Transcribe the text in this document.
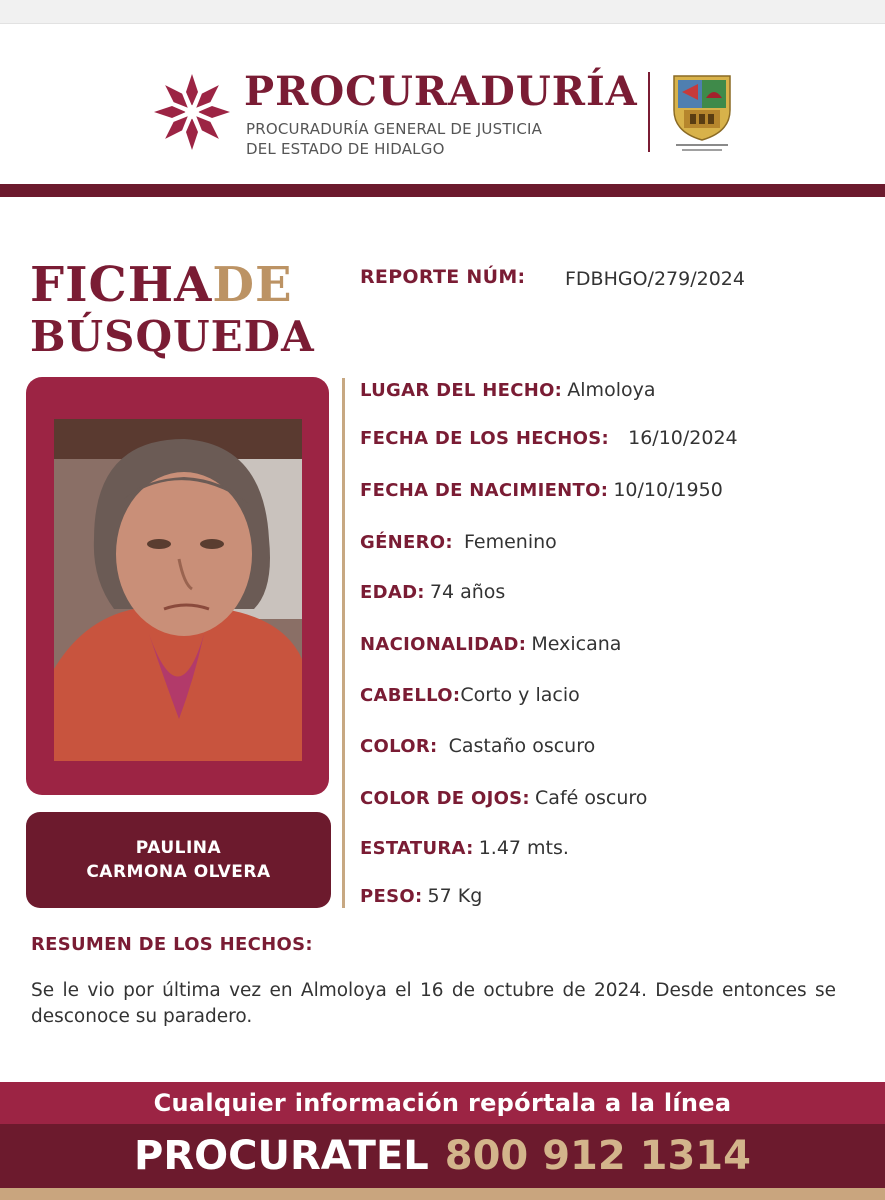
PROCURADURÍA
PROCURADURÍA GENERAL DE JUSTICIA
DEL ESTADO DE HIDALGO
FICHADE
BÚSQUEDA
REPORTE NÚM: FDBHGO/279/2024
PAULINA
CARMONA OLVERA
LUGAR DEL HECHO: Almoloya
FECHA DE LOS HECHOS: 16/10/2024
FECHA DE NACIMIENTO: 10/10/1950
GÉNERO: Femenino
EDAD: 74 años
NACIONALIDAD: Mexicana
CABELLO:Corto y lacio
COLOR: Castaño oscuro
COLOR DE OJOS: Café oscuro
ESTATURA: 1.47 mts.
PESO: 57 Kg
RESUMEN DE LOS HECHOS:
Se le vio por última vez en Almoloya el 16 de octubre de 2024. Desde entonces se desconoce su paradero.
Cualquier información repórtala a la línea
PROCURATEL 800 912 1314
